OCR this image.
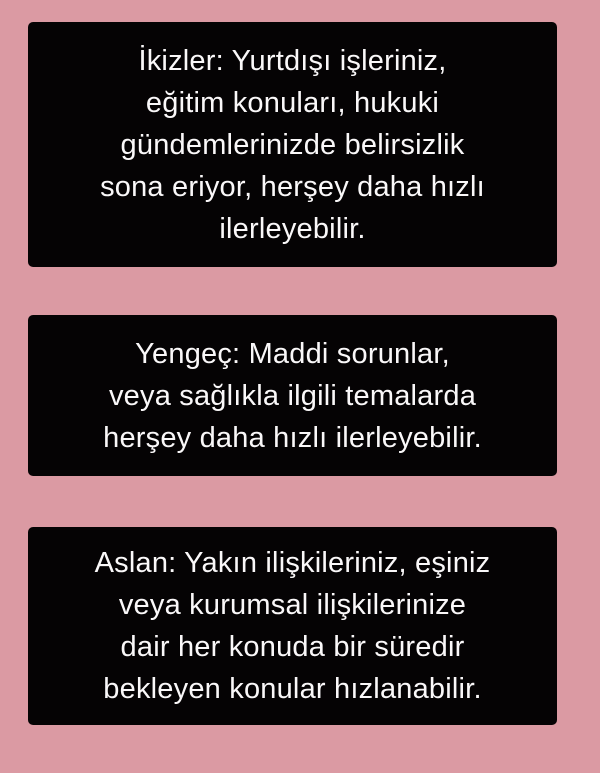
İkizler: Yurtdışı işleriniz,
eğitim konuları, hukuki
gündemlerinizde belirsizlik
sona eriyor, herşey daha hızlı
ilerleyebilir.
Yengeç: Maddi sorunlar,
veya sağlıkla ilgili temalarda
herşey daha hızlı ilerleyebilir.
Aslan: Yakın ilişkileriniz, eşiniz
veya kurumsal ilişkilerinize
dair her konuda bir süredir
bekleyen konular hızlanabilir.
